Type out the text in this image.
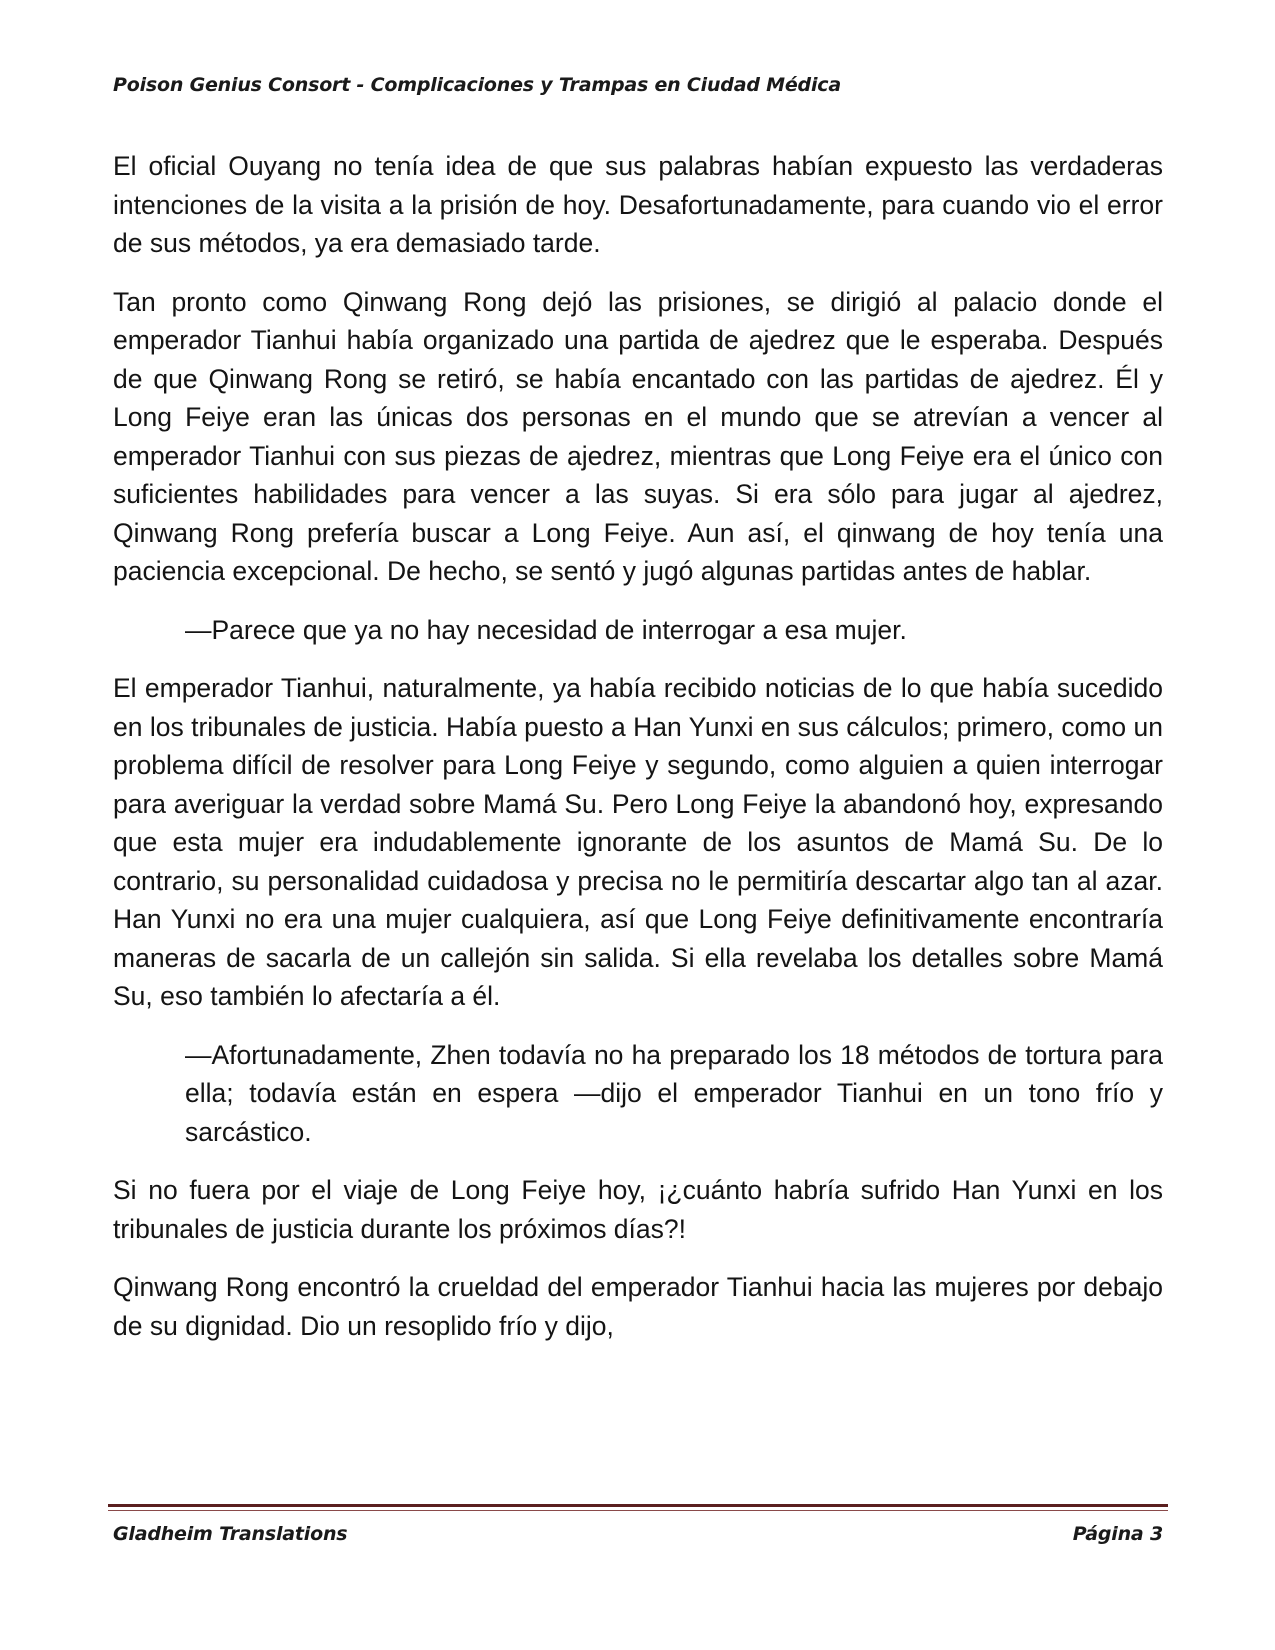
Poison Genius Consort - Complicaciones y Trampas en Ciudad Médica

El oficial Ouyang no tenía idea de que sus palabras habían expuesto las verdaderas intenciones de la visita a la prisión de hoy. Desafortunadamente, para cuando vio el error de sus métodos, ya era demasiado tarde.

Tan pronto como Qinwang Rong dejó las prisiones, se dirigió al palacio donde el emperador Tianhui había organizado una partida de ajedrez que le esperaba. Después de que Qinwang Rong se retiró, se había encantado con las partidas de ajedrez. Él y Long Feiye eran las únicas dos personas en el mundo que se atrevían a vencer al emperador Tianhui con sus piezas de ajedrez, mientras que Long Feiye era el único con suficientes habilidades para vencer a las suyas. Si era sólo para jugar al ajedrez, Qinwang Rong prefería buscar a Long Feiye. Aun así, el qinwang de hoy tenía una paciencia excepcional. De hecho, se sentó y jugó algunas partidas antes de hablar.

—Parece que ya no hay necesidad de interrogar a esa mujer.

El emperador Tianhui, naturalmente, ya había recibido noticias de lo que había sucedido en los tribunales de justicia. Había puesto a Han Yunxi en sus cálculos; primero, como un problema difícil de resolver para Long Feiye y segundo, como alguien a quien interrogar para averiguar la verdad sobre Mamá Su. Pero Long Feiye la abandonó hoy, expresando que esta mujer era indudablemente ignorante de los asuntos de Mamá Su. De lo contrario, su personalidad cuidadosa y precisa no le permitiría descartar algo tan al azar. Han Yunxi no era una mujer cualquiera, así que Long Feiye definitivamente encontraría maneras de sacarla de un callejón sin salida. Si ella revelaba los detalles sobre Mamá Su, eso también lo afectaría a él.

—Afortunadamente, Zhen todavía no ha preparado los 18 métodos de tortura para ella; todavía están en espera —dijo el emperador Tianhui en un tono frío y sarcástico.

Si no fuera por el viaje de Long Feiye hoy, ¡¿cuánto habría sufrido Han Yunxi en los tribunales de justicia durante los próximos días?!

Qinwang Rong encontró la crueldad del emperador Tianhui hacia las mujeres por debajo de su dignidad. Dio un resoplido frío y dijo,

Gladheim Translations	Página 3
